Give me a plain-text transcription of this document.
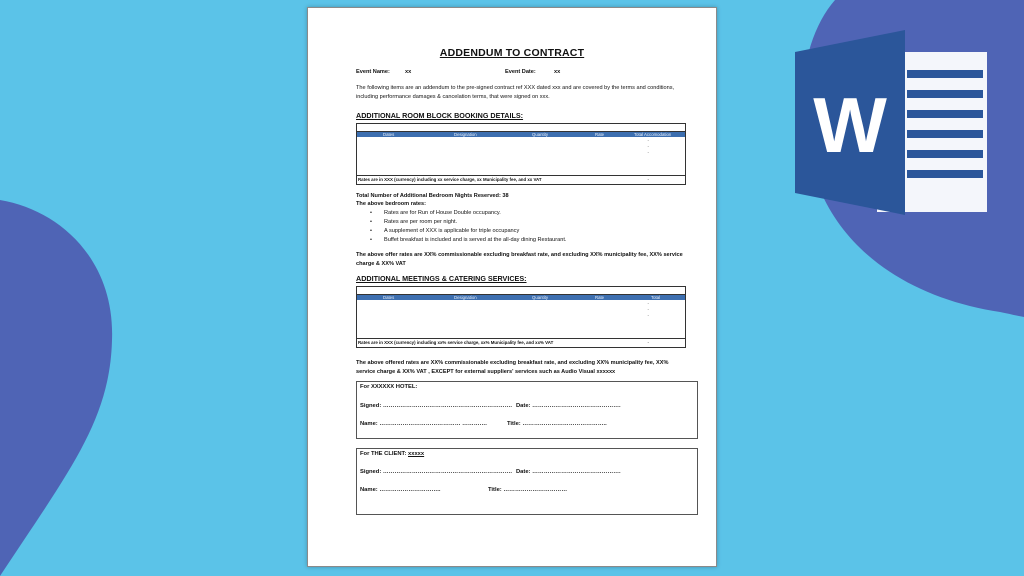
W
ADDENDUM TO CONTRACT
Event Name:	xx	Event Date:	xx
The following items are an addendum to the pre-signed contract ref XXX dated xxx and are covered by the terms and conditions, including performance damages & cancelation terms, that were signed on xxx.
ADDITIONAL ROOM BLOCK BOOKING DETAILS:
Dates	Designation	Quantity	Rate	Total Accomodation
-
-
-
Rates are in XXX (currency) including xx service charge, xx Municipality fee, and xx VAT	-
Total Number of Additional Bedroom Nights Reserved: 38
The above bedroom rates:
• Rates are for Run of House Double occupancy.
• Rates are per room per night.
• A supplement of XXX is applicable for triple occupancy
• Buffet breakfast is included and is served at the all-day dining Restaurant.
The above offer rates are XX% commissionable excluding breakfast rate, and excluding XX% municipality fee, XX% service charge & XX% VAT
ADDITIONAL MEETINGS & CATERING SERVICES:
Dates	Designation	Quantity	Rate	Total
-
-
-
Rates are in XXX (currency) including xx% service charge, xx% Municipality fee, and xx% VAT	-
The above offered rates are XX% commissionable excluding breakfast rate, and excluding XX% municipality fee, XX% service charge & XX% VAT , EXCEPT for external suppliers' services such as Audio Visual xxxxxx
For XXXXXX HOTEL:
Signed: …………………………………………………………. Date: ……………………………………….
Name: …………………………………… ………….	Title: ……………………………………..
For THE CLIENT: xxxxx
Signed: …………………………………………………………. Date: ……………………………………….
Name: …………………………..	Title: ……………………………
